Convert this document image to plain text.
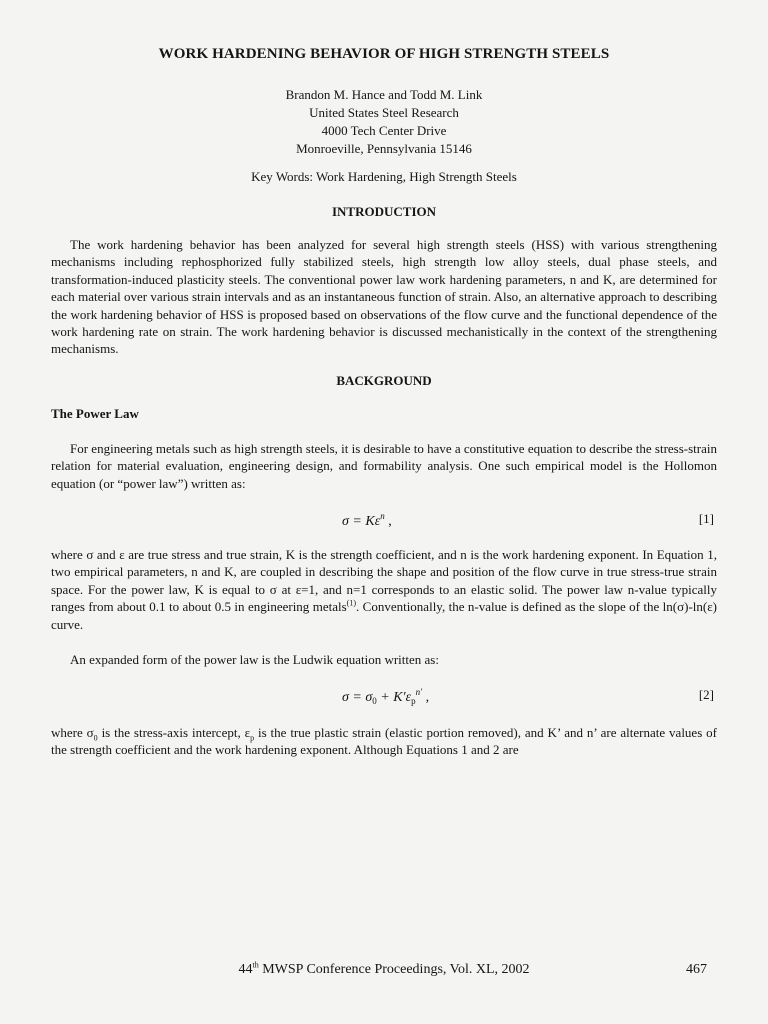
WORK HARDENING BEHAVIOR OF HIGH STRENGTH STEELS
Brandon M. Hance and Todd M. Link
United States Steel Research
4000 Tech Center Drive
Monroeville, Pennsylvania 15146
Key Words: Work Hardening, High Strength Steels
INTRODUCTION

The work hardening behavior has been analyzed for several high strength steels (HSS) with various strengthening mechanisms including rephosphorized fully stabilized steels, high strength low alloy steels, dual phase steels, and transformation-induced plasticity steels. The conventional power law work hardening parameters, n and K, are determined for each material over various strain intervals and as an instantaneous function of strain. Also, an alternative approach to describing the work hardening behavior of HSS is proposed based on observations of the flow curve and the functional dependence of the work hardening rate on strain. The work hardening behavior is discussed mechanistically in the context of the strengthening mechanisms.

BACKGROUND
The Power Law

For engineering metals such as high strength steels, it is desirable to have a constitutive equation to describe the stress-strain relation for material evaluation, engineering design, and formability analysis. One such empirical model is the Hollomon equation (or “power law”) written as:

$\sigma = K\varepsilon^n$ ,	[1]

where σ and ε are true stress and true strain, K is the strength coefficient, and n is the work hardening exponent. In Equation 1, two empirical parameters, n and K, are coupled in describing the shape and position of the flow curve in true stress-true strain space. For the power law, K is equal to σ at ε=1, and n=1 corresponds to an elastic solid. The power law n-value typically ranges from about 0.1 to about 0.5 in engineering metals$^{(1)}$. Conventionally, the n-value is defined as the slope of the ln(σ)-ln(ε) curve.

An expanded form of the power law is the Ludwik equation written as:

$\sigma = \sigma_0 + K'\varepsilon_p^{n'}$ ,	[2]

where $\sigma_0$ is the stress-axis intercept, $\varepsilon_p$ is the true plastic strain (elastic portion removed), and K’ and n’ are alternate values of the strength coefficient and the work hardening exponent. Although Equations 1 and 2 are

44th MWSP Conference Proceedings, Vol. XL, 2002	467
